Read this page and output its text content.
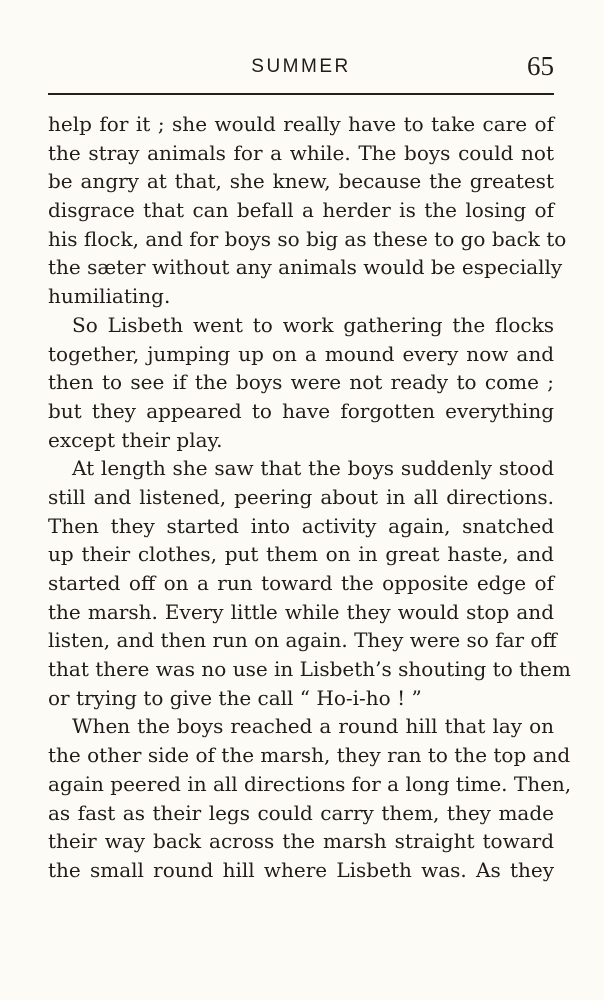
SUMMER	65
help for it ; she would really have to take care of
the stray animals for a while. The boys could not
be angry at that, she knew, because the greatest
disgrace that can befall a herder is the losing of
his flock, and for boys so big as these to go back to
the sæter without any animals would be especially
humiliating.
So Lisbeth went to work gathering the flocks
together, jumping up on a mound every now and
then to see if the boys were not ready to come ;
but they appeared to have forgotten everything
except their play.
At length she saw that the boys suddenly stood
still and listened, peering about in all directions.
Then they started into activity again, snatched
up their clothes, put them on in great haste, and
started off on a run toward the opposite edge of
the marsh. Every little while they would stop and
listen, and then run on again. They were so far off
that there was no use in Lisbeth’s shouting to them
or trying to give the call “ Ho-i-ho ! ”
When the boys reached a round hill that lay on
the other side of the marsh, they ran to the top and
again peered in all directions for a long time. Then,
as fast as their legs could carry them, they made
their way back across the marsh straight toward
the small round hill where Lisbeth was. As they
